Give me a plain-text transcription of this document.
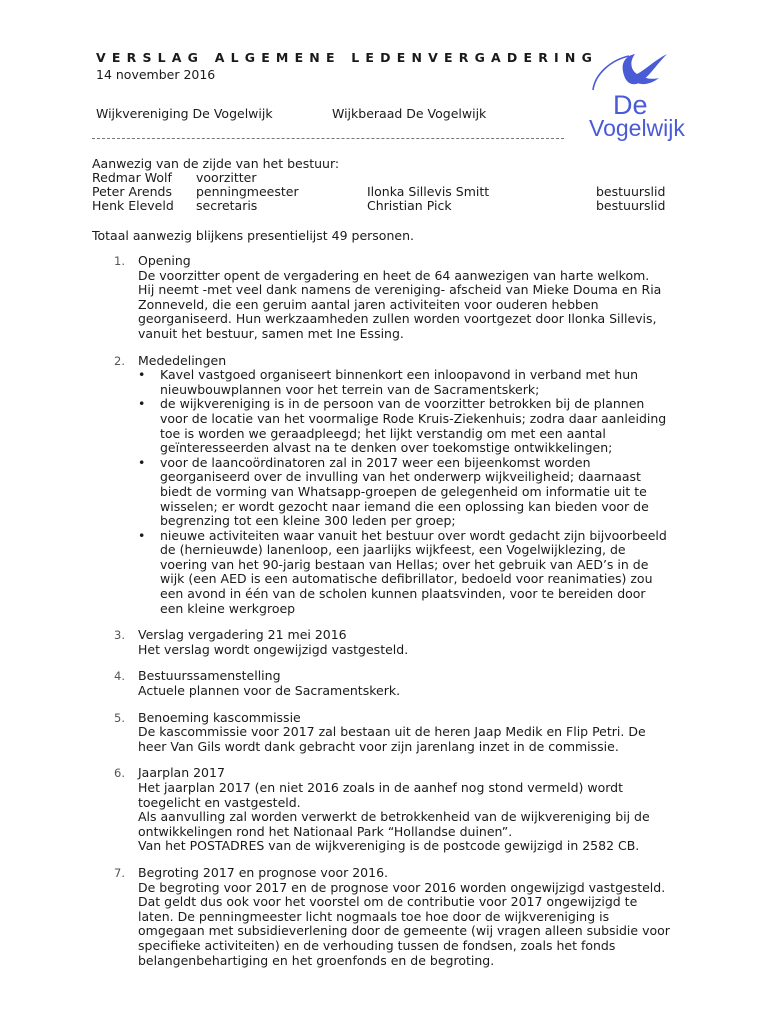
VERSLAG ALGEMENE LEDENVERGADERING
14 november 2016
Wijkvereniging De Vogelwijk	Wijkberaad De Vogelwijk	De
Vogelwijk
Aanwezig van de zijde van het bestuur:
Redmar Wolf voorzitter
Peter Arends penningmeester	Ilonka Sillevis Smitt	bestuurslid
Henk Eleveld secretaris	Christian Pick	bestuurslid
Totaal aanwezig blijkens presentielijst 49 personen.
1. Opening

De voorzitter opent de vergadering en heet de 64 aanwezigen van harte welkom.

Hij neemt -met veel dank namens de vereniging- afscheid van Mieke Douma en Ria

Zonneveld, die een geruim aantal jaren activiteiten voor ouderen hebben

georganiseerd. Hun werkzaamheden zullen worden voortgezet door Ilonka Sillevis,

vanuit het bestuur, samen met Ine Essing.

2. Mededelingen

• Kavel vastgoed organiseert binnenkort een inloopavond in verband met hun
nieuwbouwplannen voor het terrein van de Sacramentskerk;
• de wijkvereniging is in de persoon van de voorzitter betrokken bij de plannen
voor de locatie van het voormalige Rode Kruis-Ziekenhuis; zodra daar aanleiding
toe is worden we geraadpleegd; het lijkt verstandig om met een aantal
geïnteresseerden alvast na te denken over toekomstige ontwikkelingen;
• voor de laancoördinatoren zal in 2017 weer een bijeenkomst worden
georganiseerd over de invulling van het onderwerp wijkveiligheid; daarnaast
biedt de vorming van Whatsapp-groepen de gelegenheid om informatie uit te
wisselen; er wordt gezocht naar iemand die een oplossing kan bieden voor de
begrenzing tot een kleine 300 leden per groep;
• nieuwe activiteiten waar vanuit het bestuur over wordt gedacht zijn bijvoorbeeld
de (hernieuwde) lanenloop, een jaarlijks wijkfeest, een Vogelwijklezing, de
voering van het 90-jarig bestaan van Hellas; over het gebruik van AED’s in de
wijk (een AED is een automatische defibrillator, bedoeld voor reanimaties) zou
een avond in één van de scholen kunnen plaatsvinden, voor te bereiden door
een kleine werkgroep
3. Verslag vergadering 21 mei 2016

Het verslag wordt ongewijzigd vastgesteld.

4. Bestuurssamenstelling

Actuele plannen voor de Sacramentskerk.

5. Benoeming kascommissie

De kascommissie voor 2017 zal bestaan uit de heren Jaap Medik en Flip Petri. De

heer Van Gils wordt dank gebracht voor zijn jarenlang inzet in de commissie.

6. Jaarplan 2017

Het jaarplan 2017 (en niet 2016 zoals in de aanhef nog stond vermeld) wordt

toegelicht en vastgesteld.

Als aanvulling zal worden verwerkt de betrokkenheid van de wijkvereniging bij de

ontwikkelingen rond het Nationaal Park “Hollandse duinen”.

Van het POSTADRES van de wijkvereniging is de postcode gewijzigd in 2582 CB.

7. Begroting 2017 en prognose voor 2016.

De begroting voor 2017 en de prognose voor 2016 worden ongewijzigd vastgesteld.

Dat geldt dus ook voor het voorstel om de contributie voor 2017 ongewijzigd te

laten. De penningmeester licht nogmaals toe hoe door de wijkvereniging is

omgegaan met subsidieverlening door de gemeente (wij vragen alleen subsidie voor

specifieke activiteiten) en de verhouding tussen de fondsen, zoals het fonds

belangenbehartiging en het groenfonds en de begroting.
